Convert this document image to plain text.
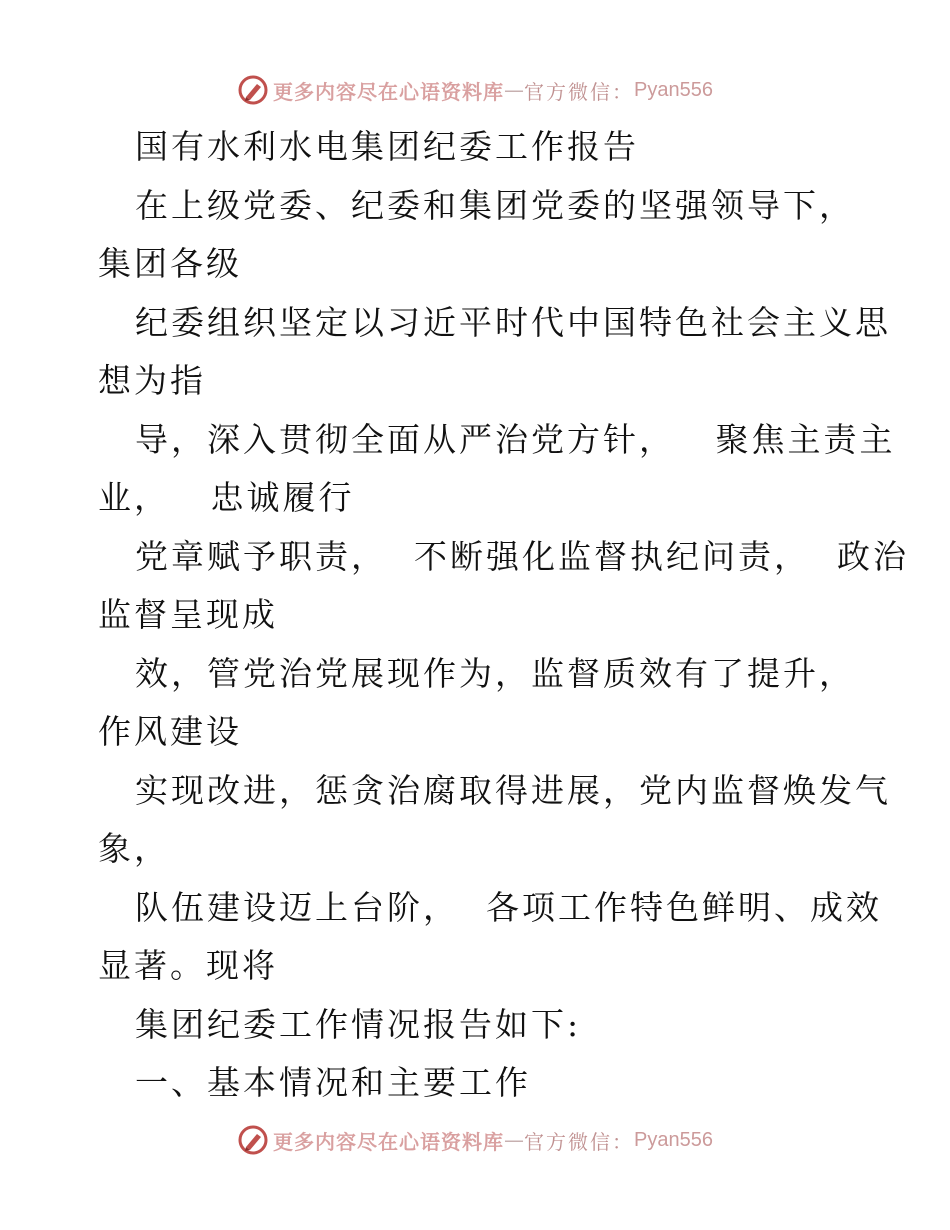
更多内容尽在心语资料库 — 官方微信： Pyan556
国有水利水电集团纪委工作报告
在上级党委、纪委和集团党委的坚强领导下，
集团各级
纪委组织坚定以习近平时代中国特色社会主义思
想为指
导，深入贯彻全面从严治党方针，   聚焦主责主
业，   忠诚履行
党章赋予职责，  不断强化监督执纪问责，  政治
监督呈现成
效，管党治党展现作为，监督质效有了提升，
作风建设
实现改进，惩贪治腐取得进展，党内监督焕发气
象，
队伍建设迈上台阶，  各项工作特色鲜明、成效
显著。现将
集团纪委工作情况报告如下:
一、基本情况和主要工作
更多内容尽在心语资料库 — 官方微信： Pyan556
